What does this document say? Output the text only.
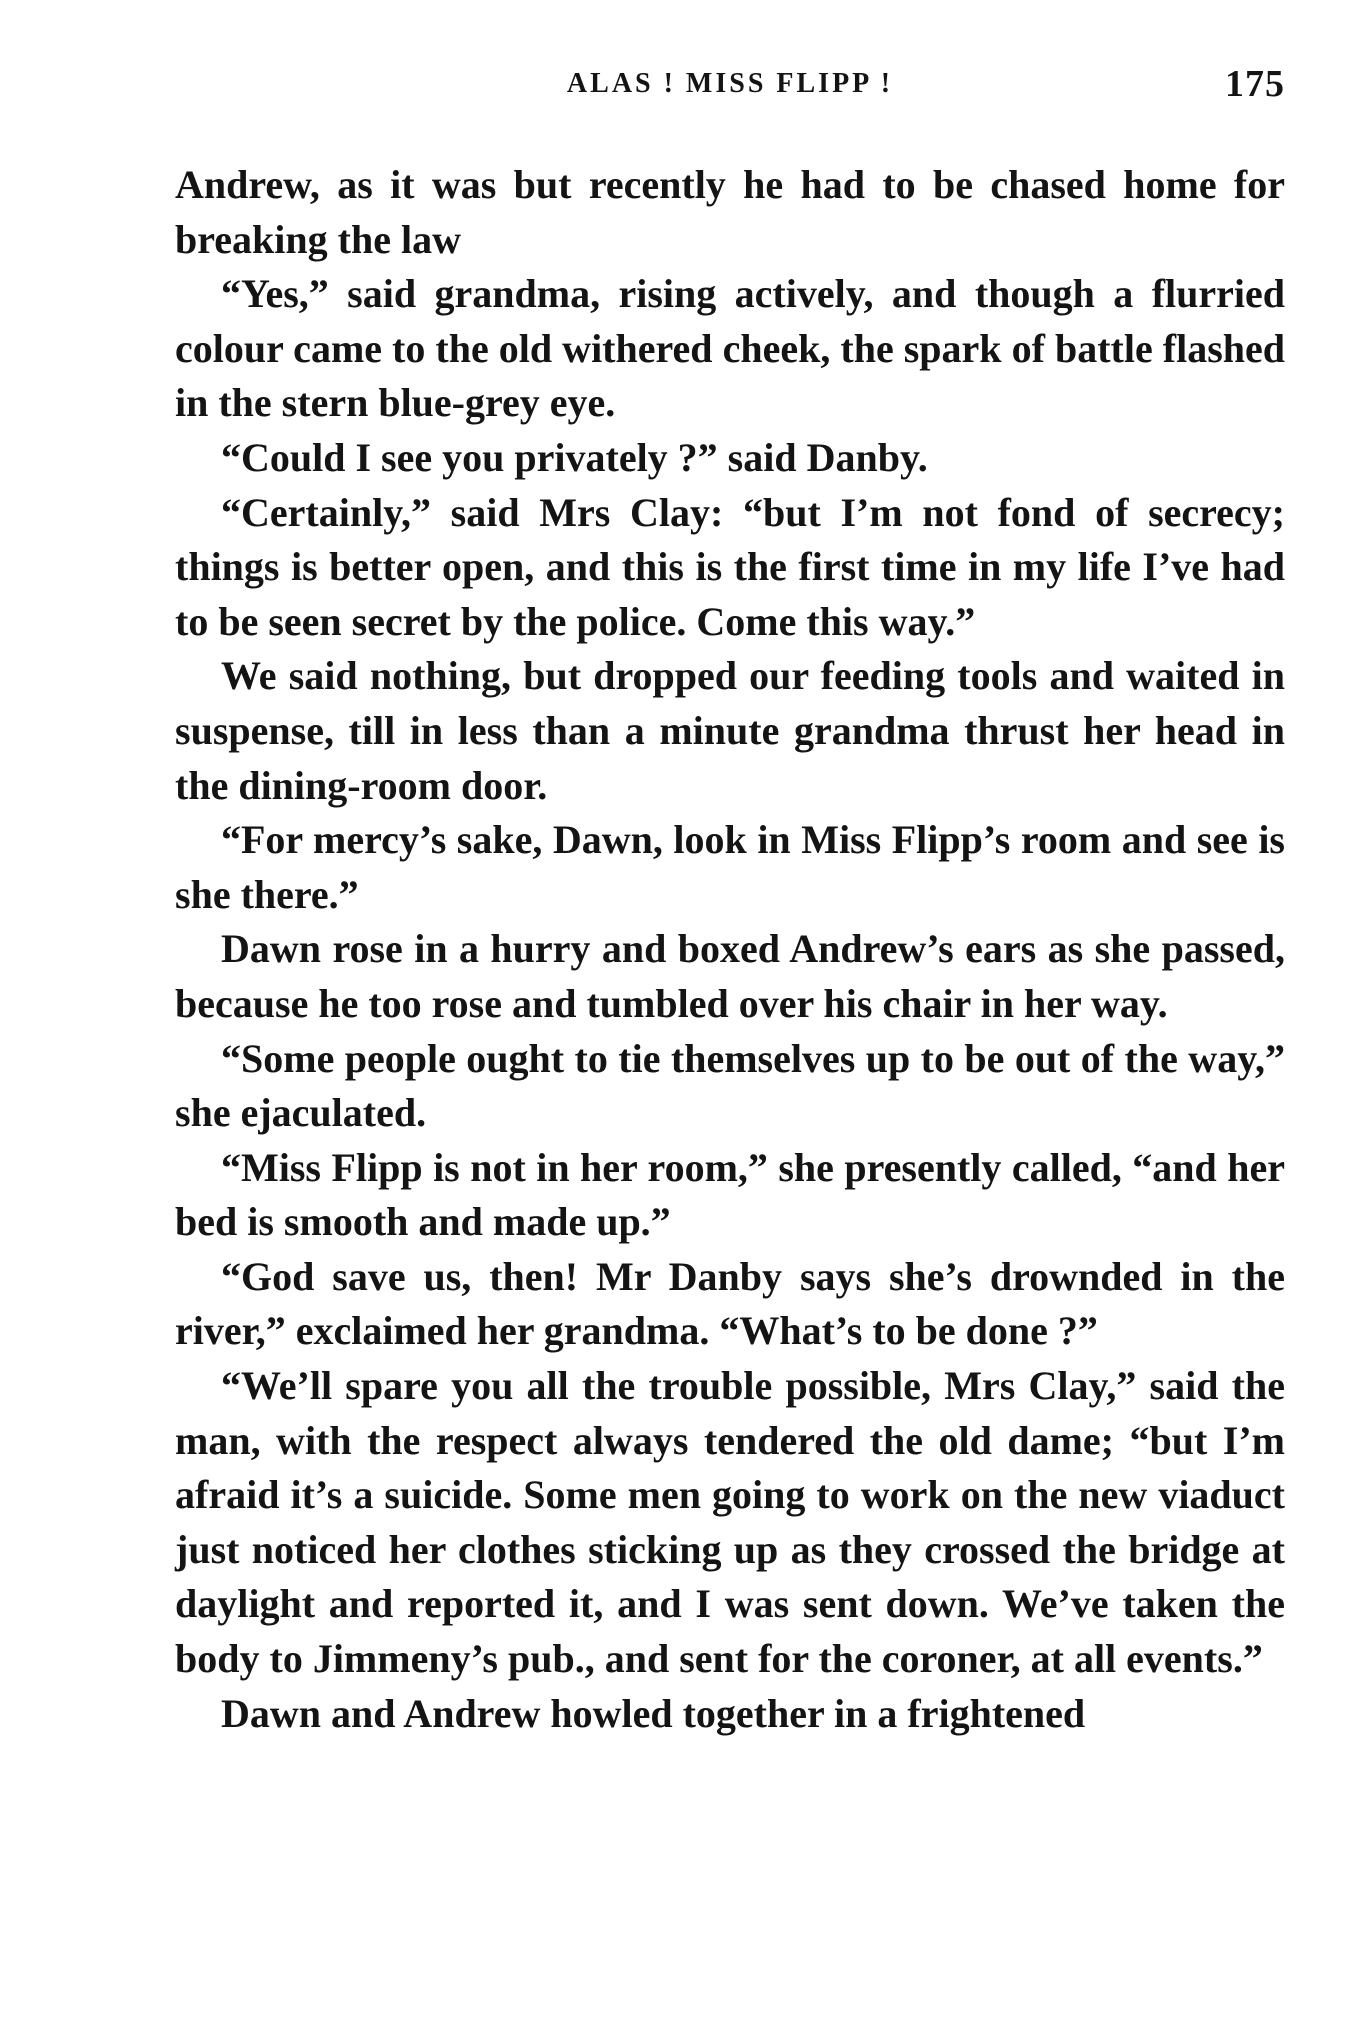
ALAS ! MISS FLIPP !	175

Andrew, as it was but recently he had to be chased home for breaking the law

“Yes,” said grandma, rising actively, and though a flurried colour came to the old withered cheek, the spark of battle flashed in the stern blue-grey eye.

“Could I see you privately ?” said Danby.

“Certainly,” said Mrs Clay: “but I’m not fond of secrecy; things is better open, and this is the first time in my life I’ve had to be seen secret by the police. Come this way.”

We said nothing, but dropped our feeding tools and waited in suspense, till in less than a minute grandma thrust her head in the dining-room door.

“For mercy’s sake, Dawn, look in Miss Flipp’s room and see is she there.”

Dawn rose in a hurry and boxed Andrew’s ears as she passed, because he too rose and tumbled over his chair in her way.

“Some people ought to tie themselves up to be out of the way,” she ejaculated.

“Miss Flipp is not in her room,” she presently called, “and her bed is smooth and made up.”

“God save us, then! Mr Danby says she’s drownded in the river,” exclaimed her grandma. “What’s to be done ?”

“We’ll spare you all the trouble possible, Mrs Clay,” said the man, with the respect always tendered the old dame; “but I’m afraid it’s a suicide. Some men going to work on the new viaduct just noticed her clothes sticking up as they crossed the bridge at daylight and reported it, and I was sent down. We’ve taken the body to Jimmeny’s pub., and sent for the coroner, at all events.”

Dawn and Andrew howled together in a frightened
